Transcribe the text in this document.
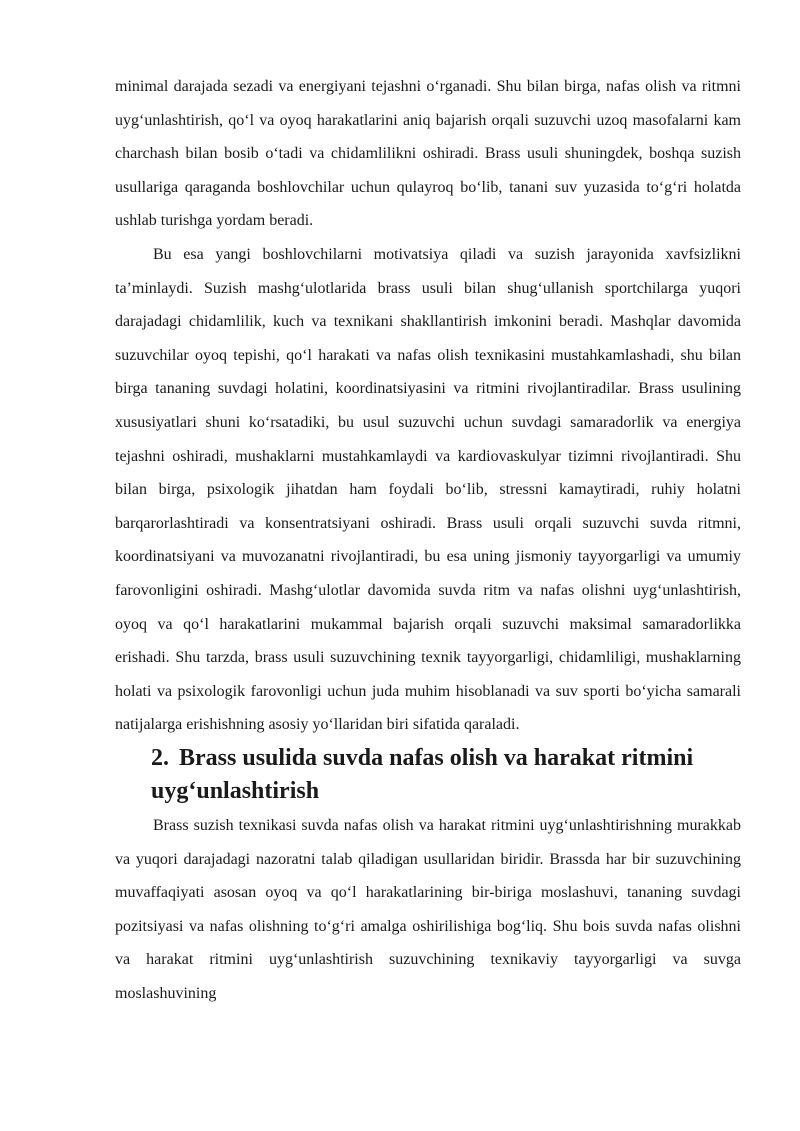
minimal darajada sezadi va energiyani tejashni o‘rganadi. Shu bilan birga, nafas olish va ritmni uyg‘unlashtirish, qo‘l va oyoq harakatlarini aniq bajarish orqali suzuvchi uzoq masofalarni kam charchash bilan bosib o‘tadi va chidamlilikni oshiradi. Brass usuli shuningdek, boshqa suzish usullariga qaraganda boshlovchilar uchun qulayroq bo‘lib, tanani suv yuzasida to‘g‘ri holatda ushlab turishga yordam beradi.

Bu esa yangi boshlovchilarni motivatsiya qiladi va suzish jarayonida xavfsizlikni ta’minlaydi. Suzish mashg‘ulotlarida brass usuli bilan shug‘ullanish sportchilarga yuqori darajadagi chidamlilik, kuch va texnikani shakllantirish imkonini beradi. Mashqlar davomida suzuvchilar oyoq tepishi, qo‘l harakati va nafas olish texnikasini mustahkamlashadi, shu bilan birga tananing suvdagi holatini, koordinatsiyasini va ritmini rivojlantiradilar. Brass usulining xususiyatlari shuni ko‘rsatadiki, bu usul suzuvchi uchun suvdagi samaradorlik va energiya tejashni oshiradi, mushaklarni mustahkamlaydi va kardiovaskulyar tizimni rivojlantiradi. Shu bilan birga, psixologik jihatdan ham foydali bo‘lib, stressni kamaytiradi, ruhiy holatni barqarorlashtiradi va konsentratsiyani oshiradi. Brass usuli orqali suzuvchi suvda ritmni, koordinatsiyani va muvozanatni rivojlantiradi, bu esa uning jismoniy tayyorgarligi va umumiy farovonligini oshiradi. Mashg‘ulotlar davomida suvda ritm va nafas olishni uyg‘unlashtirish, oyoq va qo‘l harakatlarini mukammal bajarish orqali suzuvchi maksimal samaradorlikka erishadi. Shu tarzda, brass usuli suzuvchining texnik tayyorgarligi, chidamliligi, mushaklarning holati va psixologik farovonligi uchun juda muhim hisoblanadi va suv sporti bo‘yicha samarali natijalarga erishishning asosiy yo‘llaridan biri sifatida qaraladi.

2. Brass usulida suvda nafas olish va harakat ritmini uyg‘unlashtirish

Brass suzish texnikasi suvda nafas olish va harakat ritmini uyg‘unlashtirishning murakkab va yuqori darajadagi nazoratni talab qiladigan usullaridan biridir. Brassda har bir suzuvchining muvaffaqiyati asosan oyoq va qo‘l harakatlarining bir-biriga moslashuvi, tananing suvdagi pozitsiyasi va nafas olishning to‘g‘ri amalga oshirilishiga bog‘liq. Shu bois suvda nafas olishni va harakat ritmini uyg‘unlashtirish suzuvchining texnikaviy tayyorgarligi va suvga moslashuvining
